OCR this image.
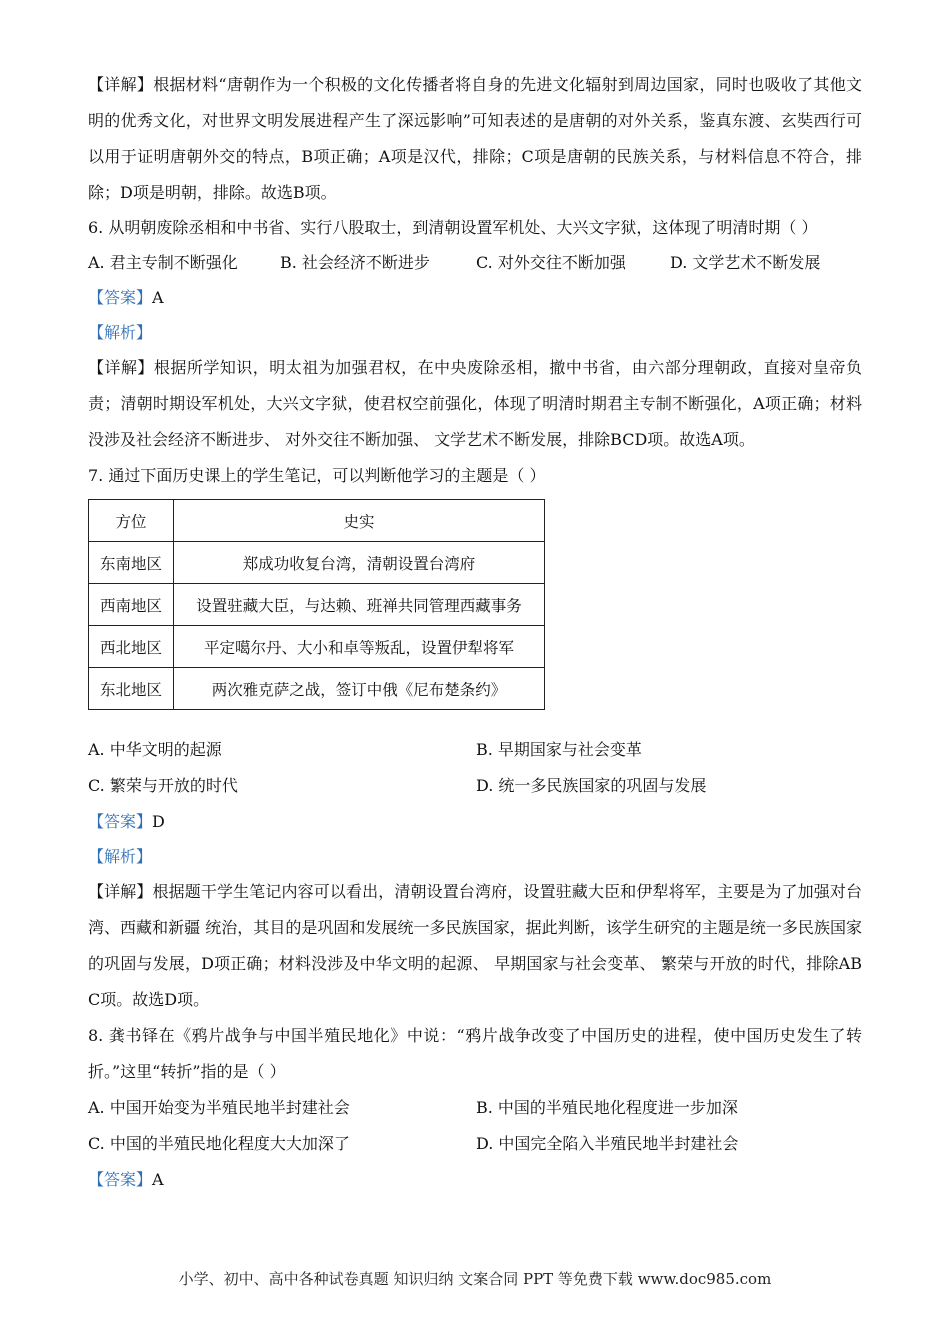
【详解】根据材料“唐朝作为一个积极的文化传播者将自身的先进文化辐射到周边国家，同时也吸收了其他文明的优秀文化，对世界文明发展进程产生了深远影响”可知表述的是唐朝的对外关系，鉴真东渡、玄奘西行可以用于证明唐朝外交的特点，B项正确；A项是汉代，排除；C项是唐朝的民族关系，与材料信息不符合，排除；D项是明朝，排除。故选B项。

6. 从明朝废除丞相和中书省、实行八股取士，到清朝设置军机处、大兴文字狱，这体现了明清时期（ ）

A. 君主专制不断强化	B. 社会经济不断进步	C. 对外交往不断加强	D. 文学艺术不断发展

【答案】A

【解析】

【详解】根据所学知识，明太祖为加强君权，在中央废除丞相，撤中书省，由六部分理朝政，直接对皇帝负责；清朝时期设军机处，大兴文字狱，使君权空前强化，体现了明清时期君主专制不断强化，A项正确；材料没涉及社会经济不断进步、 对外交往不断加强、 文学艺术不断发展，排除BCD项。故选A项。

7. 通过下面历史课上的学生笔记，可以判断他学习的主题是（ ）

方位	史实
东南地区	郑成功收复台湾，清朝设置台湾府
西南地区	设置驻藏大臣，与达赖、班禅共同管理西藏事务
西北地区	平定噶尔丹、大小和卓等叛乱，设置伊犁将军
东北地区	两次雅克萨之战，签订中俄《尼布楚条约》
A. 中华文明的起源	B. 早期国家与社会变革
C. 繁荣与开放的时代	D. 统一多民族国家的巩固与发展

【答案】D

【解析】

【详解】根据题干学生笔记内容可以看出，清朝设置台湾府，设置驻藏大臣和伊犁将军，主要是为了加强对台湾、西藏和新疆 统治，其目的是巩固和发展统一多民族国家，据此判断，该学生研究的主题是统一多民族国家的巩固与发展，D项正确；材料没涉及中华文明的起源、 早期国家与社会变革、 繁荣与开放的时代，排除ABC项。故选D项。

8. 龚书铎在《鸦片战争与中国半殖民地化》中说：“鸦片战争改变了中国历史的进程，使中国历史发生了转折。”这里“转折”指的是（ ）

A. 中国开始变为半殖民地半封建社会	B. 中国的半殖民地化程度进一步加深
C. 中国的半殖民地化程度大大加深了	D. 中国完全陷入半殖民地半封建社会

【答案】A

小学、初中、高中各种试卷真题 知识归纳 文案合同 PPT 等免费下载 www.doc985.com
